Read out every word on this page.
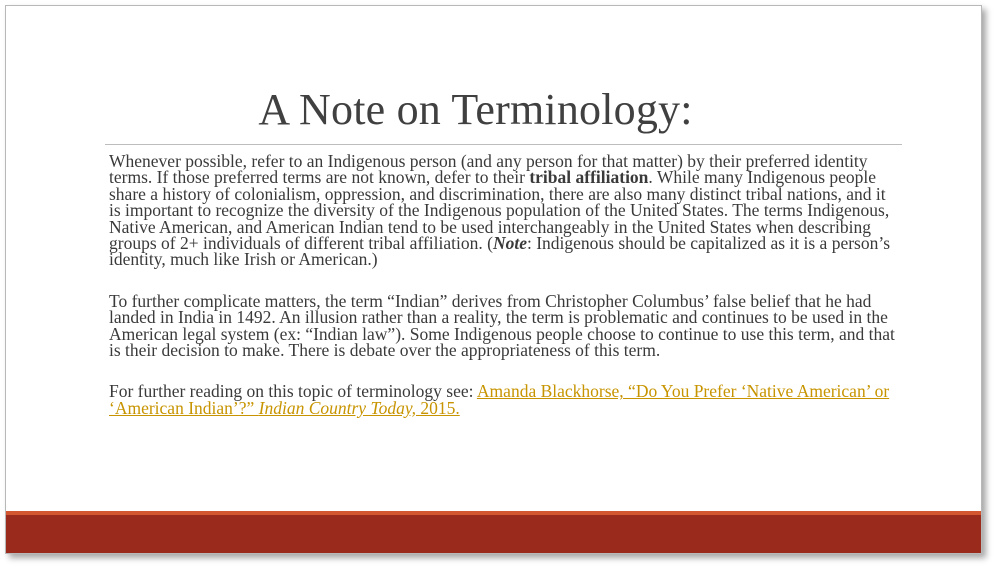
A Note on Terminology:

Whenever possible, refer to an Indigenous person (and any person for that matter) by their preferred identity terms. If those preferred terms are not known, defer to their tribal affiliation. While many Indigenous people share a history of colonialism, oppression, and discrimination, there are also many distinct tribal nations, and it is important to recognize the diversity of the Indigenous population of the United States. The terms Indigenous, Native American, and American Indian tend to be used interchangeably in the United States when describing groups of 2+ individuals of different tribal affiliation. (Note: Indigenous should be capitalized as it is a person’s identity, much like Irish or American.)

To further complicate matters, the term “Indian” derives from Christopher Columbus’ false belief that he had landed in India in 1492. An illusion rather than a reality, the term is problematic and continues to be used in the American legal system (ex: “Indian law”). Some Indigenous people choose to continue to use this term, and that is their decision to make. There is debate over the appropriateness of this term.

For further reading on this topic of terminology see: Amanda Blackhorse, “Do You Prefer ‘Native American’ or ‘American Indian’?” Indian Country Today, 2015.
